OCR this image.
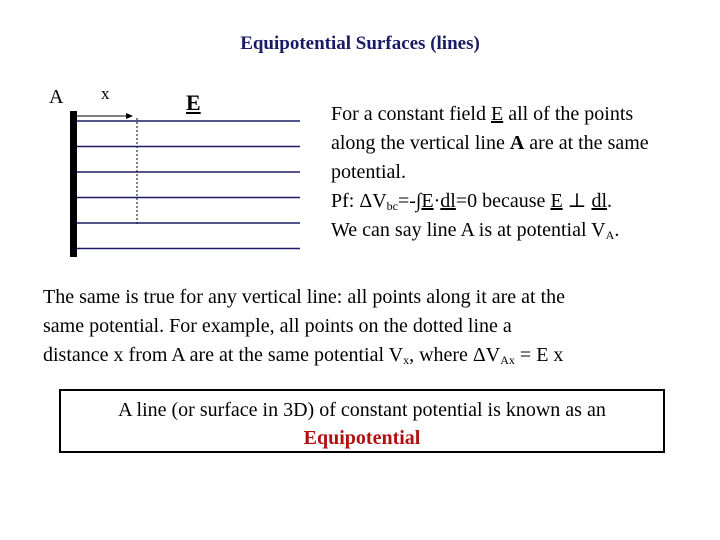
Equipotential Surfaces (lines)
A x	E	For a constant field E all of the points
along the vertical line A are at the same
potential.
Pf: $\Delta V_{bc}=-\int E\cdot dl=0$ because E ⊥ dl.
We can say line A is at potential $V_A$.
The same is true for any vertical line: all points along it are at the
same potential. For example, all points on the dotted line a
distance x from A are at the same potential $V_x$, where $\Delta V_{Ax} = E$ x
A line (or surface in 3D) of constant potential is known as an
Equipotential
